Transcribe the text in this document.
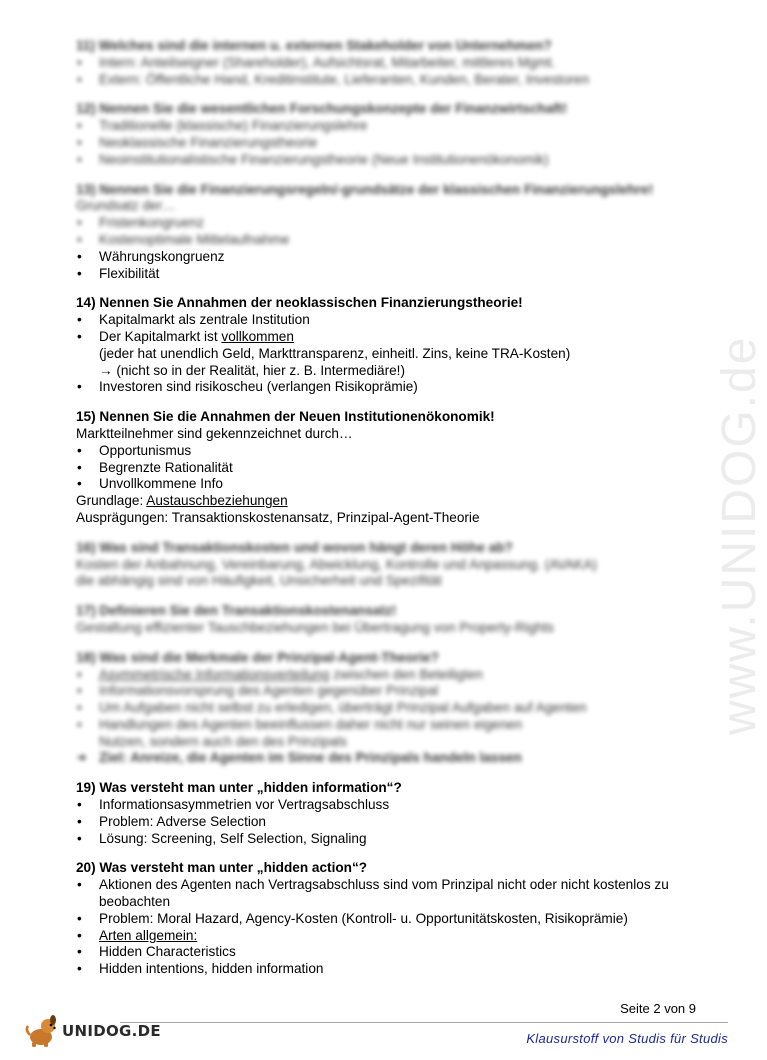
www.UNIDOG.de
11) Welches sind die internen u. externen Stakeholder von Unternehmen?
• Intern: Anteilseigner (Shareholder), Aufsichtsrat, Mitarbeiter, mittleres Mgmt.
• Extern: Öffentliche Hand, Kreditinstitute, Lieferanten, Kunden, Berater, Investoren
12) Nennen Sie die wesentlichen Forschungskonzepte der Finanzwirtschaft!
• Traditionelle (klassische) Finanzierungslehre
• Neoklassische Finanzierungstheorie
• Neoinstitutionalistische Finanzierungstheorie (Neue Institutionenökonomik)
13) Nennen Sie die Finanzierungsregeln/-grundsätze der klassischen Finanzierungslehre!
Grundsatz der…
• Fristenkongruenz
• Kostenoptimale Mittelaufnahme
• Währungskongruenz
• Flexibilität
14) Nennen Sie Annahmen der neoklassischen Finanzierungstheorie!
• Kapitalmarkt als zentrale Institution
• Der Kapitalmarkt ist vollkommen
(jeder hat unendlich Geld, Markttransparenz, einheitl. Zins, keine TRA-Kosten)
→ (nicht so in der Realität, hier z. B. Intermediäre!)
• Investoren sind risikoscheu (verlangen Risikoprämie)
15) Nennen Sie die Annahmen der Neuen Institutionenökonomik!
Marktteilnehmer sind gekennzeichnet durch…
• Opportunismus
• Begrenzte Rationalität
• Unvollkommene Info
Grundlage: Austauschbeziehungen
Ausprägungen: Transaktionskostenansatz, Prinzipal-Agent-Theorie
16) Was sind Transaktionskosten und wovon hängt deren Höhe ab?
Kosten der Anbahnung, Vereinbarung, Abwicklung, Kontrolle und Anpassung. (AVAKA)
die abhängig sind von Häufigkeit, Unsicherheit und Spezifität
17) Definieren Sie den Transaktionskostenansatz!
Gestaltung effizienter Tauschbeziehungen bei Übertragung von Property-Rights
18) Was sind die Merkmale der Prinzipal-Agent-Theorie?
• Asymmetrische Informationsverteilung zwischen den Beteiligten
• Informationsvorsprung des Agenten gegenüber Prinzipal
• Um Aufgaben nicht selbst zu erledigen, überträgt Prinzipal Aufgaben auf Agenten
• Handlungen des Agenten beeinflussen daher nicht nur seinen eigenen
Nutzen, sondern auch den des Prinzipals
➔ Ziel: Anreize, die Agenten im Sinne des Prinzipals handeln lassen
19) Was versteht man unter „hidden information“?
• Informationsasymmetrien vor Vertragsabschluss
• Problem: Adverse Selection
• Lösung: Screening, Self Selection, Signaling
20) Was versteht man unter „hidden action“?
• Aktionen des Agenten nach Vertragsabschluss sind vom Prinzipal nicht oder nicht kostenlos zu
beobachten
• Problem: Moral Hazard, Agency-Kosten (Kontroll- u. Opportunitätskosten, Risikoprämie)
• Arten allgemein:
• Hidden Characteristics
• Hidden intentions, hidden information
Seite 2 von 9
UNIDOG.DE	Klausurstoff von Studis für Studis
